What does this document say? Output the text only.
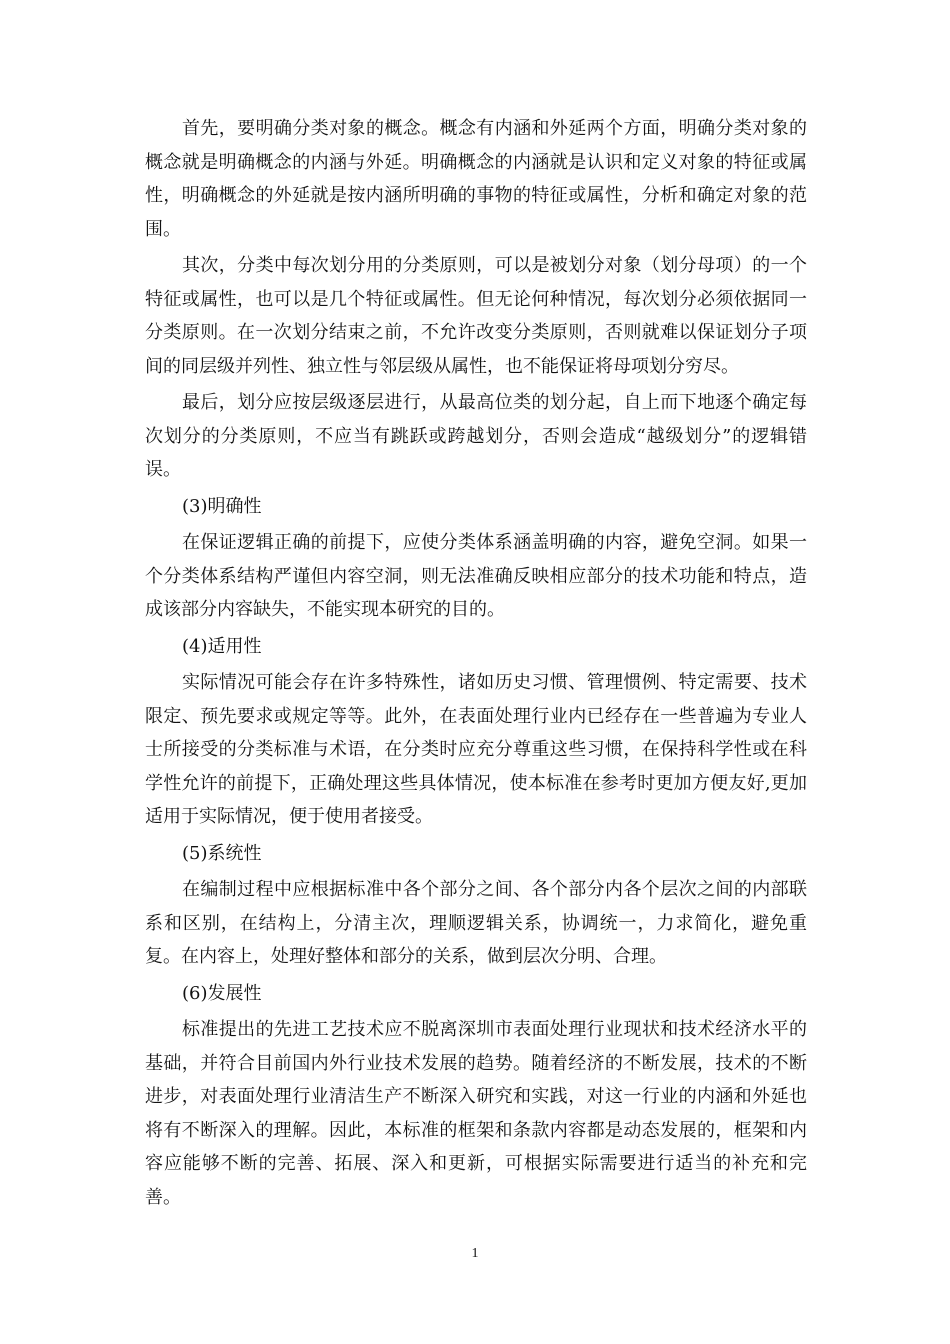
首先，要明确分类对象的概念。概念有内涵和外延两个方面，明确分类对象的概念就是明确概念的内涵与外延。明确概念的内涵就是认识和定义对象的特征或属性，明确概念的外延就是按内涵所明确的事物的特征或属性，分析和确定对象的范围。

其次，分类中每次划分用的分类原则，可以是被划分对象（划分母项）的一个特征或属性，也可以是几个特征或属性。但无论何种情况，每次划分必须依据同一分类原则。在一次划分结束之前，不允许改变分类原则，否则就难以保证划分子项间的同层级并列性、独立性与邻层级从属性，也不能保证将母项划分穷尽。

最后，划分应按层级逐层进行，从最高位类的划分起，自上而下地逐个确定每次划分的分类原则，不应当有跳跃或跨越划分，否则会造成“越级划分”的逻辑错误。

(3)明确性

在保证逻辑正确的前提下，应使分类体系涵盖明确的内容，避免空洞。如果一个分类体系结构严谨但内容空洞，则无法准确反映相应部分的技术功能和特点，造成该部分内容缺失，不能实现本研究的目的。

(4)适用性

实际情况可能会存在许多特殊性，诸如历史习惯、管理惯例、特定需要、技术限定、预先要求或规定等等。此外，在表面处理行业内已经存在一些普遍为专业人士所接受的分类标准与术语，在分类时应充分尊重这些习惯，在保持科学性或在科学性允许的前提下，正确处理这些具体情况，使本标准在参考时更加方便友好,更加适用于实际情况，便于使用者接受。

(5)系统性

在编制过程中应根据标准中各个部分之间、各个部分内各个层次之间的内部联系和区别，在结构上，分清主次，理顺逻辑关系，协调统一，力求简化，避免重复。在内容上，处理好整体和部分的关系，做到层次分明、合理。

(6)发展性

标准提出的先进工艺技术应不脱离深圳市表面处理行业现状和技术经济水平的基础，并符合目前国内外行业技术发展的趋势。随着经济的不断发展，技术的不断进步，对表面处理行业清洁生产不断深入研究和实践，对这一行业的内涵和外延也将有不断深入的理解。因此，本标准的框架和条款内容都是动态发展的，框架和内容应能够不断的完善、拓展、深入和更新，可根据实际需要进行适当的补充和完善。

1
